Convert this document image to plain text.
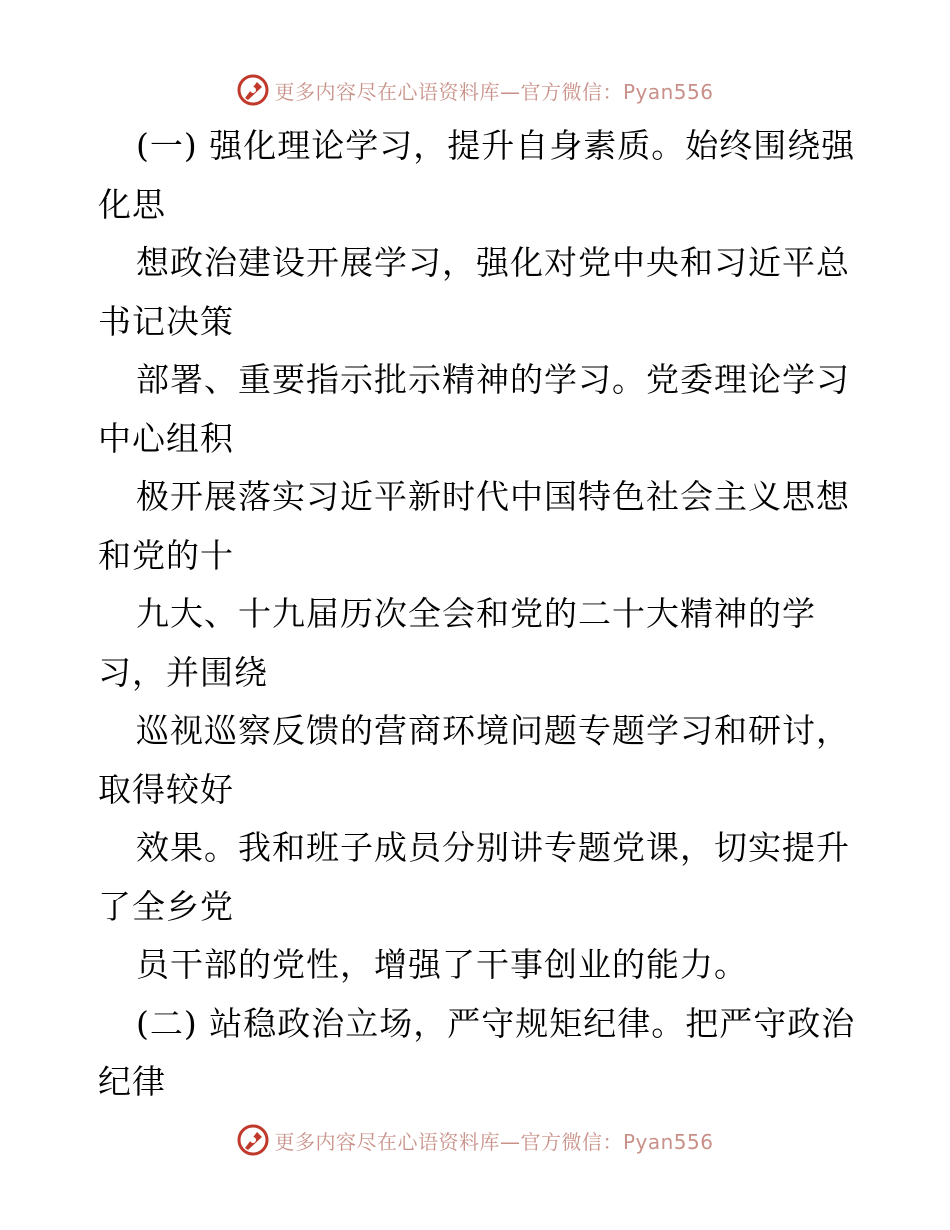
更多内容尽在心语资料库—官方微信：Pyan556
(一) 强化理论学习，提升自身素质。始终围绕强
化思
想政治建设开展学习，强化对党中央和习近平总
书记决策
部署、重要指示批示精神的学习。党委理论学习
中心组积
极开展落实习近平新时代中国特色社会主义思想
和党的十
九大、十九届历次全会和党的二十大精神的学
习，并围绕
巡视巡察反馈的营商环境问题专题学习和研讨，
取得较好
效果。我和班子成员分别讲专题党课，切实提升
了全乡党
员干部的党性，增强了干事创业的能力。
(二) 站稳政治立场，严守规矩纪律。把严守政治
纪律
更多内容尽在心语资料库—官方微信：Pyan556
